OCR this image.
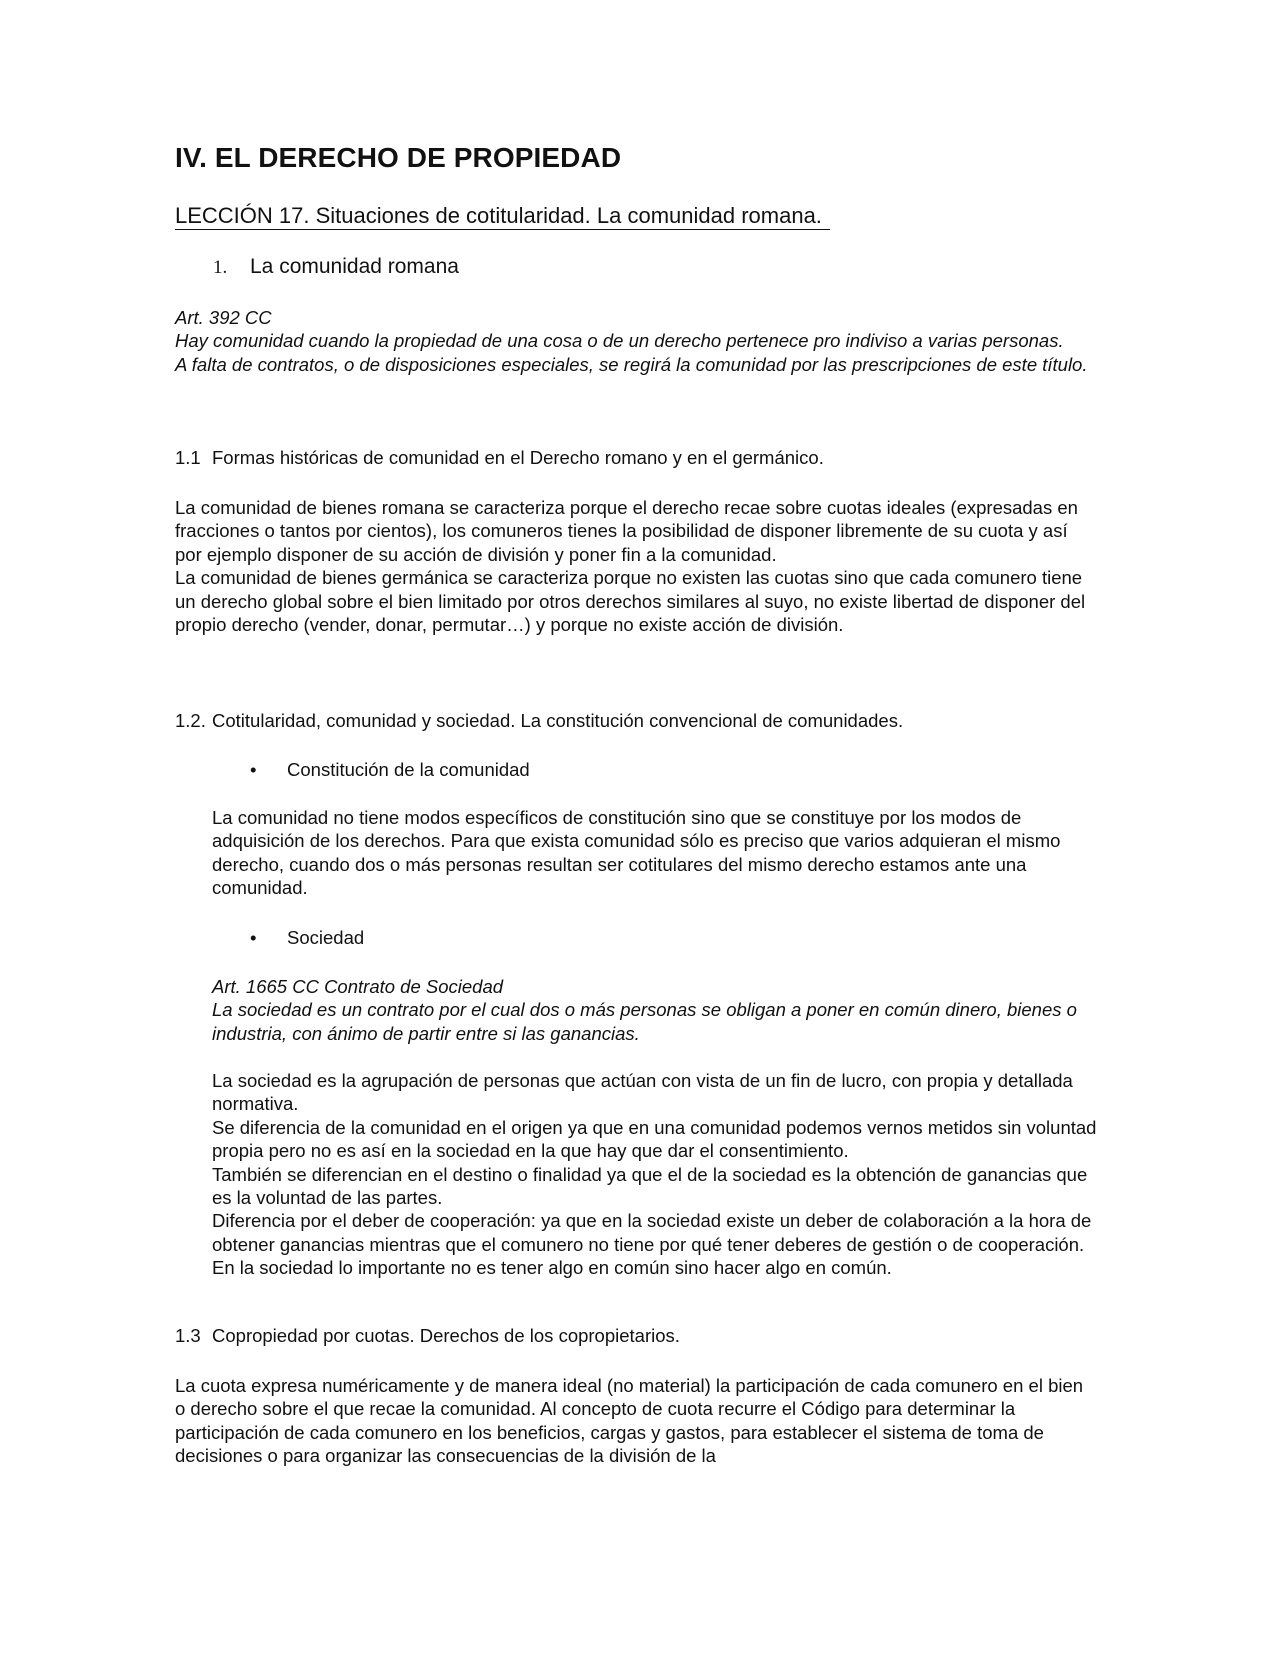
IV. EL DERECHO DE PROPIEDAD
LECCIÓN 17. Situaciones de cotitularidad. La comunidad romana.
1. La comunidad romana

Art. 392 CC

Hay comunidad cuando la propiedad de una cosa o de un derecho pertenece pro indiviso a varias personas.

A falta de contratos, o de disposiciones especiales, se regirá la comunidad por las prescripciones de este título.

1.1 Formas históricas de comunidad en el Derecho romano y en el germánico.

La comunidad de bienes romana se caracteriza porque el derecho recae sobre cuotas ideales (expresadas en fracciones o tantos por cientos), los comuneros tienes la posibilidad de disponer libremente de su cuota y así por ejemplo disponer de su acción de división y poner fin a la comunidad.

La comunidad de bienes germánica se caracteriza porque no existen las cuotas sino que cada comunero tiene un derecho global sobre el bien limitado por otros derechos similares al suyo, no existe libertad de disponer del propio derecho (vender, donar, permutar…) y porque no existe acción de división.

1.2. Cotitularidad, comunidad y sociedad. La constitución convencional de comunidades.
• Constitución de la comunidad

La comunidad no tiene modos específicos de constitución sino que se constituye por los modos de adquisición de los derechos. Para que exista comunidad sólo es preciso que varios adquieran el mismo derecho, cuando dos o más personas resultan ser cotitulares del mismo derecho estamos ante una comunidad.

• Sociedad

Art. 1665 CC Contrato de Sociedad

La sociedad es un contrato por el cual dos o más personas se obligan a poner en común dinero, bienes o industria, con ánimo de partir entre si las ganancias.

La sociedad es la agrupación de personas que actúan con vista de un fin de lucro, con propia y detallada normativa.

Se diferencia de la comunidad en el origen ya que en una comunidad podemos vernos metidos sin voluntad propia pero no es así en la sociedad en la que hay que dar el consentimiento.

También se diferencian en el destino o finalidad ya que el de la sociedad es la obtención de ganancias que es la voluntad de las partes.

Diferencia por el deber de cooperación: ya que en la sociedad existe un deber de colaboración a la hora de obtener ganancias mientras que el comunero no tiene por qué tener deberes de gestión o de cooperación.

En la sociedad lo importante no es tener algo en común sino hacer algo en común.

1.3 Copropiedad por cuotas. Derechos de los copropietarios.

La cuota expresa numéricamente y de manera ideal (no material) la participación de cada comunero en el bien o derecho sobre el que recae la comunidad. Al concepto de cuota recurre el Código para determinar la participación de cada comunero en los beneficios, cargas y gastos, para establecer el sistema de toma de decisiones o para organizar las consecuencias de la división de la
